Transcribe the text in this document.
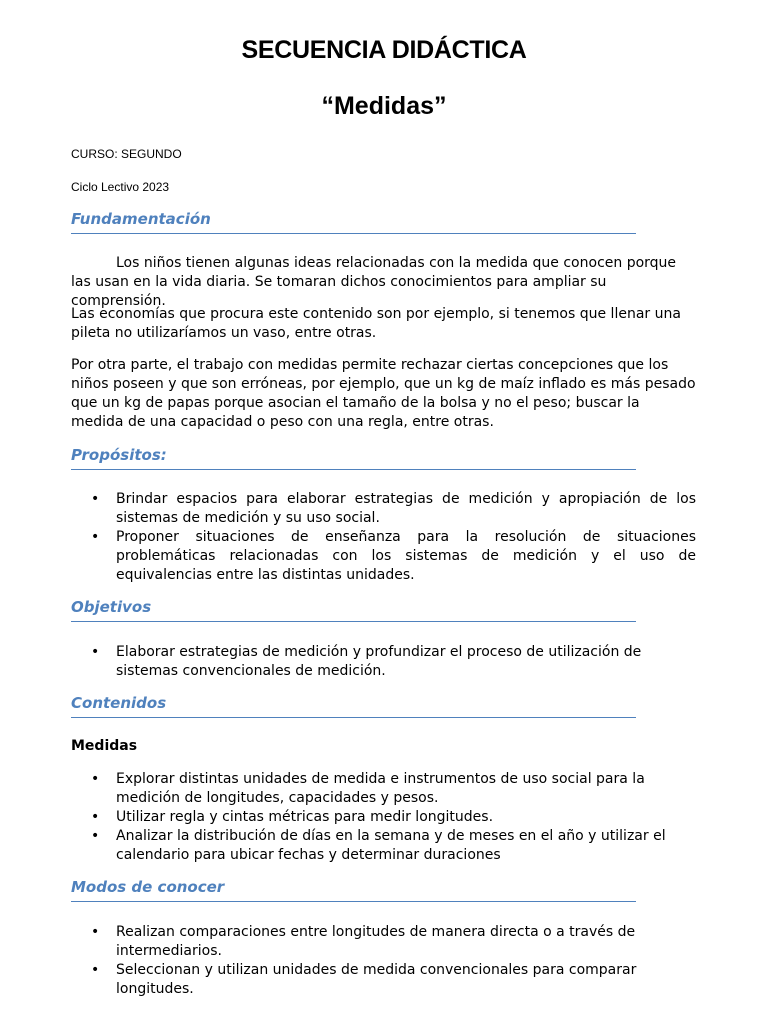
SECUENCIA DIDÁCTICA
“Medidas”
CURSO: SEGUNDO
Ciclo Lectivo 2023
Fundamentación
Los niños tienen algunas ideas relacionadas con la medida que conocen porque las usan en la vida diaria. Se tomaran dichos conocimientos para ampliar su comprensión.
Las economías que procura este contenido son por ejemplo, si tenemos que llenar una pileta no utilizaríamos un vaso, entre otras.
Por otra parte, el trabajo con medidas permite rechazar ciertas concepciones que los niños poseen y que son erróneas, por ejemplo, que un kg de maíz inflado es más pesado que un kg de papas porque asocian el tamaño de la bolsa y no el peso; buscar la medida de una capacidad o peso con una regla, entre otras.
Propósitos:
• Brindar espacios para elaborar estrategias de medición y apropiación de los sistemas de medición y su uso social.
• Proponer situaciones de enseñanza para la resolución de situaciones problemáticas relacionadas con los sistemas de medición y el uso de equivalencias entre las distintas unidades.
Objetivos
• Elaborar estrategias de medición y profundizar el proceso de utilización de sistemas convencionales de medición.
Contenidos
Medidas
• Explorar distintas unidades de medida e instrumentos de uso social para la medición de longitudes, capacidades y pesos.
• Utilizar regla y cintas métricas para medir longitudes.
• Analizar la distribución de días en la semana y de meses en el año y utilizar el calendario para ubicar fechas y determinar duraciones
Modos de conocer
• Realizan comparaciones entre longitudes de manera directa o a través de intermediarios.
• Seleccionan y utilizan unidades de medida convencionales para comparar longitudes.
